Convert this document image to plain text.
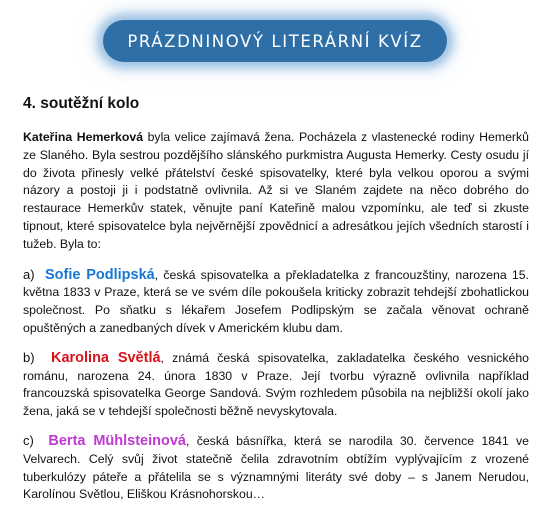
PRÁZDNINOVÝ LITERÁRNÍ KVÍZ
4. soutěžní kolo

Kateřina Hemerková byla velice zajímavá žena. Pocházela z vlastenecké rodiny Hemerků ze Slaného. Byla sestrou pozdějšího slánského purkmistra Augusta Hemerky. Cesty osudu jí do života přinesly velké přátelství české spisovatelky, které byla velkou oporou a svými názory a postoji ji i podstatně ovlivnila. Až si ve Slaném zajdete na něco dobrého do restaurace Hemerkův statek, věnujte paní Kateřině malou vzpomínku, ale teď si zkuste tipnout, které spisovatelce byla nejvěrnější zpovědnicí a adresátkou jejích všedních starostí i tužeb. Byla to:

a) Sofie Podlipská, česká spisovatelka a překladatelka z francouzštiny, narozena 15. května 1833 v Praze, která se ve svém díle pokoušela kriticky zobrazit tehdejší zbohatlickou společnost. Po sňatku s lékařem Josefem Podlipským se začala věnovat ochraně opuštěných a zanedbaných dívek v Americkém klubu dam.

b) Karolina Světlá, známá česká spisovatelka, zakladatelka českého vesnického románu, narozena 24. února 1830 v Praze. Její tvorbu výrazně ovlivnila například francouzská spisovatelka George Sandová. Svým rozhledem působila na nejbližší okolí jako žena, jaká se v tehdejší společnosti běžně nevyskytovala.

c) Berta Mühlsteinová, česká básnířka, která se narodila 30. července 1841 ve Velvarech. Celý svůj život statečně čelila zdravotním obtížím vyplývajícím z vrozené tuberkulózy páteře a přátelila se s významnými literáty své doby – s Janem Nerudou, Karolínou Světlou, Eliškou Krásnohorskou…
